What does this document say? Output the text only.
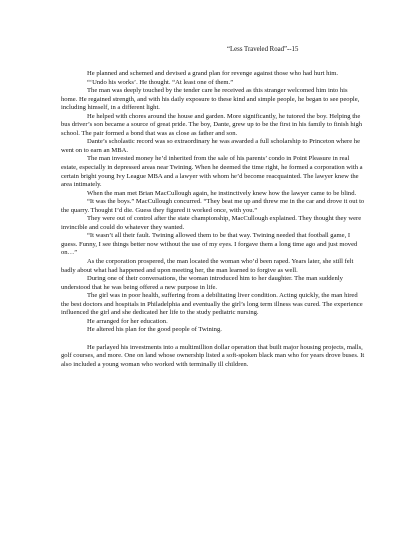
“Less Traveled Road”--15

He planned and schemed and devised a grand plan for revenge against those who had hurt him.

“‘Undo his works’. He thought. “At least one of them.”

The man was deeply touched by the tender care he received as this stranger welcomed him into his home. He regained strength, and with his daily exposure to these kind and simple people, he began to see people, including himself, in a different light.

He helped with chores around the house and garden. More significantly, he tutored the boy. Helping the bus driver’s son became a source of great pride. The boy, Dante, grew up to be the first in his family to finish high school. The pair formed a bond that was as close as father and son.

Dante’s scholastic record was so extraordinary he was awarded a full scholarship to Princeton where he went on to earn an MBA.

The man invested money he’d inherited from the sale of his parents’ condo in Point Pleasure in real estate, especially in depressed areas near Twining. When he deemed the time right, he formed a corporation with a certain bright young Ivy League MBA and a lawyer with whom he’d become reacquainted. The lawyer knew the area intimately.

When the man met Brian MacCullough again, he instinctively knew how the lawyer came to be blind.

“It was the boys.” MacCullough concurred. “They beat me up and threw me in the car and drove it out to the quarry. Thought I’d die. Guess they figured it worked once, with you.”

They were out of control after the state championship, MacCullough explained. They thought they were invincible and could do whatever they wanted.

“It wasn’t all their fault. Twining allowed them to be that way. Twining needed that football game, I guess. Funny, I see things better now without the use of my eyes. I forgave them a long time ago and just moved on…”

As the corporation prospered, the man located the woman who’d been raped. Years later, she still felt badly about what had happened and upon meeting her, the man learned to forgive as well.

During one of their conversations, the woman introduced him to her daughter. The man suddenly understood that he was being offered a new purpose in life.

The girl was in poor health, suffering from a debilitating liver condition. Acting quickly, the man hired the best doctors and hospitals in Philadelphia and eventually the girl’s long term illness was cured. The experience influenced the girl and she dedicated her life to the study pediatric nursing.

He arranged for her education.

He altered his plan for the good people of Twining.

He parlayed his investments into a multimillion dollar operation that built major housing projects, malls, golf courses, and more. One on land whose ownership listed a soft-spoken black man who for years drove buses. It also included a young woman who worked with terminally ill children.
